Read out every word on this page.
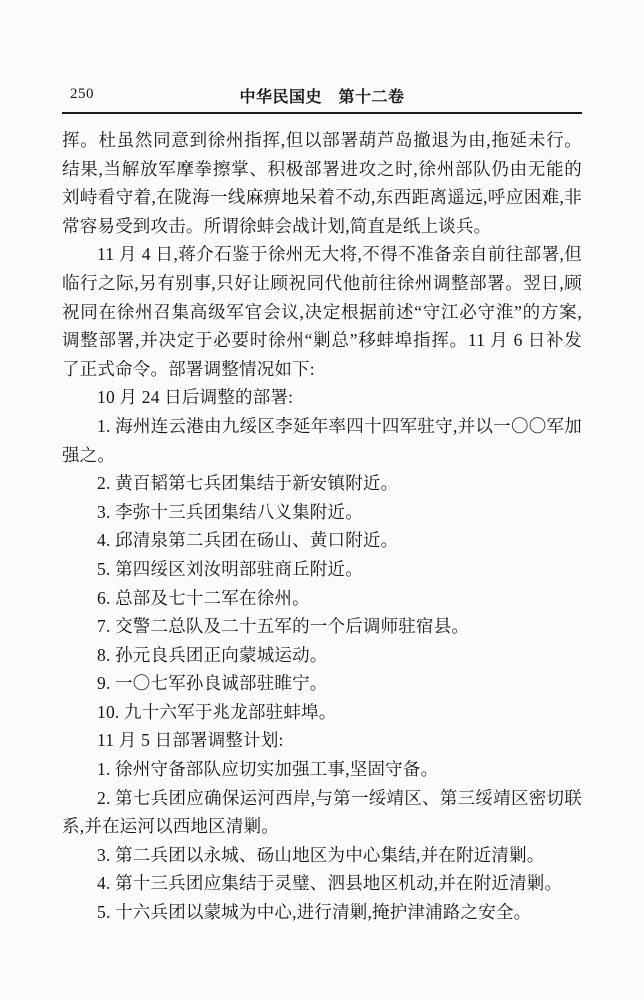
250	中华民国史　第十二卷

挥。杜虽然同意到徐州指挥,但以部署葫芦岛撤退为由,拖延未行。结果,当解放军摩拳擦掌、积极部署进攻之时,徐州部队仍由无能的刘峙看守着,在陇海一线麻痹地呆着不动,东西距离遥远,呼应困难,非常容易受到攻击。所谓徐蚌会战计划,简直是纸上谈兵。

11 月 4 日,蒋介石鉴于徐州无大将,不得不准备亲自前往部署,但临行之际,另有别事,只好让顾祝同代他前往徐州调整部署。翌日,顾祝同在徐州召集高级军官会议,决定根据前述“守江必守淮”的方案,调整部署,并决定于必要时徐州“剿总”移蚌埠指挥。11 月 6 日补发了正式命令。部署调整情况如下:

10 月 24 日后调整的部署:

1. 海州连云港由九绥区李延年率四十四军驻守,并以一〇〇军加强之。

2. 黄百韬第七兵团集结于新安镇附近。

3. 李弥十三兵团集结八义集附近。

4. 邱清泉第二兵团在砀山、黄口附近。

5. 第四绥区刘汝明部驻商丘附近。

6. 总部及七十二军在徐州。

7. 交警二总队及二十五军的一个后调师驻宿县。

8. 孙元良兵团正向蒙城运动。

9. 一〇七军孙良诚部驻睢宁。

10. 九十六军于兆龙部驻蚌埠。

11 月 5 日部署调整计划:

1. 徐州守备部队应切实加强工事,坚固守备。

2. 第七兵团应确保运河西岸,与第一绥靖区、第三绥靖区密切联系,并在运河以西地区清剿。

3. 第二兵团以永城、砀山地区为中心集结,并在附近清剿。

4. 第十三兵团应集结于灵璧、泗县地区机动,并在附近清剿。

5. 十六兵团以蒙城为中心,进行清剿,掩护津浦路之安全。
